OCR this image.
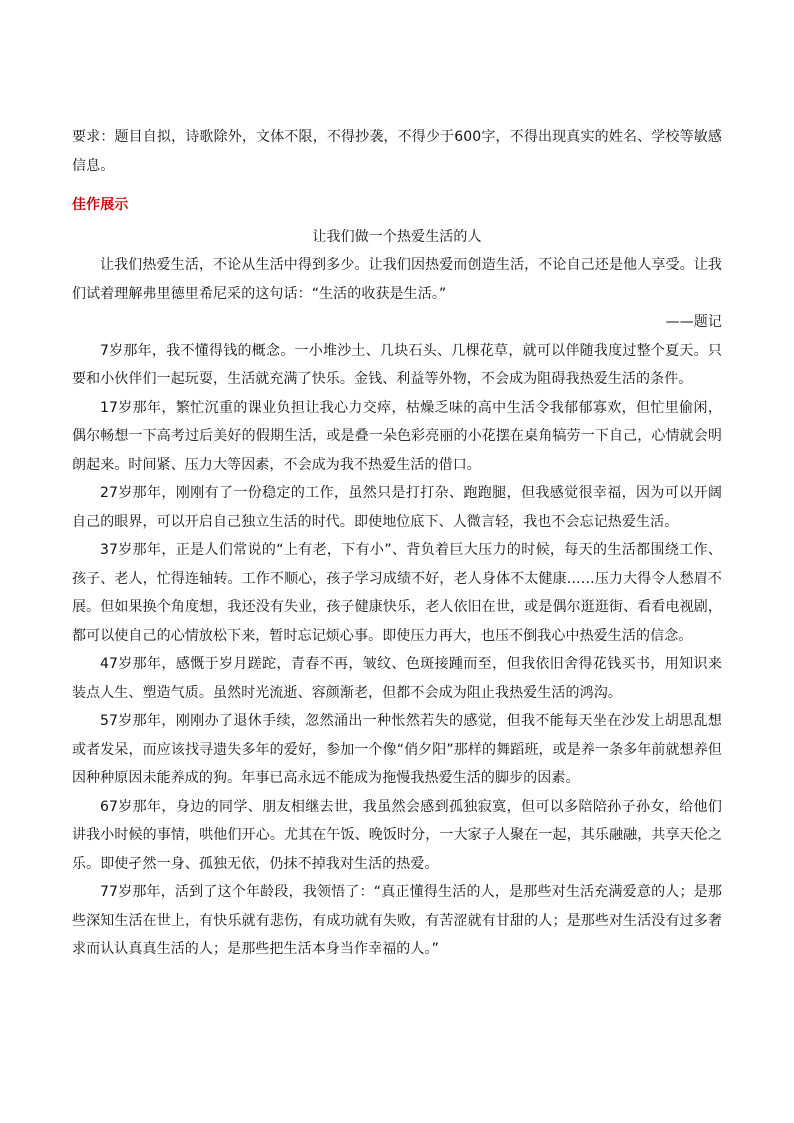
要求：题目自拟，诗歌除外，文体不限，不得抄袭，不得少于600字，不得出现真实的姓名、学校等敏感信息。

佳作展示

让我们做一个热爱生活的人

让我们热爱生活，不论从生活中得到多少。让我们因热爱而创造生活，不论自己还是他人享受。让我们试着理解弗里德里希尼采的这句话：“生活的收获是生活。”

——题记

7岁那年，我不懂得钱的概念。一小堆沙土、几块石头、几棵花草，就可以伴随我度过整个夏天。只要和小伙伴们一起玩耍，生活就充满了快乐。金钱、利益等外物，不会成为阻碍我热爱生活的条件。

17岁那年，繁忙沉重的课业负担让我心力交瘁，枯燥乏味的高中生活令我郁郁寡欢，但忙里偷闲，偶尔畅想一下高考过后美好的假期生活，或是叠一朵色彩亮丽的小花摆在桌角犒劳一下自己，心情就会明朗起来。时间紧、压力大等因素，不会成为我不热爱生活的借口。

27岁那年，刚刚有了一份稳定的工作，虽然只是打打杂、跑跑腿，但我感觉很幸福，因为可以开阔自己的眼界，可以开启自己独立生活的时代。即使地位底下、人微言轻，我也不会忘记热爱生活。

37岁那年，正是人们常说的“上有老，下有小”、背负着巨大压力的时候，每天的生活都围绕工作、孩子、老人，忙得连轴转。工作不顺心，孩子学习成绩不好，老人身体不太健康……压力大得令人愁眉不展。但如果换个角度想，我还没有失业，孩子健康快乐，老人依旧在世，或是偶尔逛逛街、看看电视剧，都可以使自己的心情放松下来，暂时忘记烦心事。即使压力再大，也压不倒我心中热爱生活的信念。

47岁那年，感慨于岁月蹉跎，青春不再，皱纹、色斑接踵而至，但我依旧舍得花钱买书，用知识来装点人生、塑造气质。虽然时光流逝、容颜渐老，但都不会成为阻止我热爱生活的鸿沟。

57岁那年，刚刚办了退休手续，忽然涌出一种怅然若失的感觉，但我不能每天坐在沙发上胡思乱想或者发呆，而应该找寻遗失多年的爱好，参加一个像“俏夕阳”那样的舞蹈班，或是养一条多年前就想养但因种种原因未能养成的狗。年事已高永远不能成为拖慢我热爱生活的脚步的因素。

67岁那年，身边的同学、朋友相继去世，我虽然会感到孤独寂寞，但可以多陪陪孙子孙女，给他们讲我小时候的事情，哄他们开心。尤其在午饭、晚饭时分，一大家子人聚在一起，其乐融融，共享天伦之乐。即使孑然一身、孤独无依，仍抹不掉我对生活的热爱。

77岁那年，活到了这个年龄段，我领悟了：“真正懂得生活的人，是那些对生活充满爱意的人；是那些深知生活在世上，有快乐就有悲伤，有成功就有失败，有苦涩就有甘甜的人；是那些对生活没有过多奢求而认认真真生活的人；是那些把生活本身当作幸福的人。”
